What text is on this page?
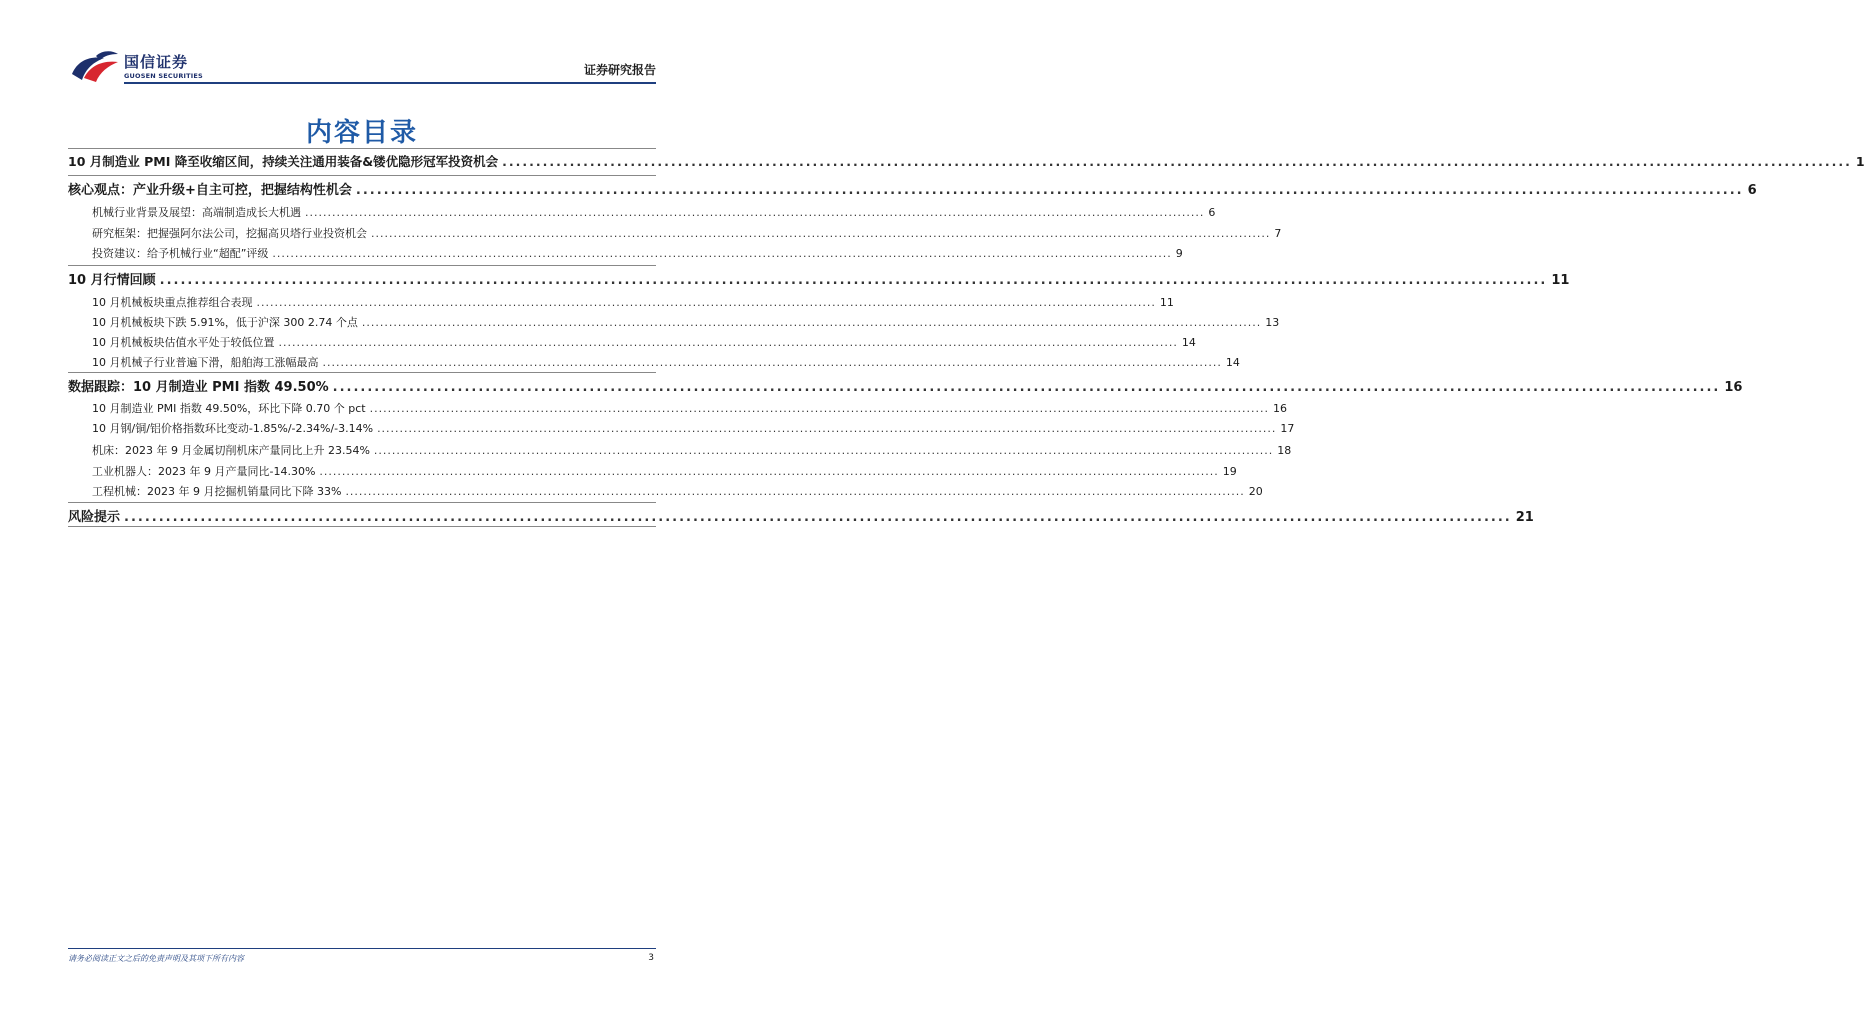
国信证券
GUOSEN SECURITIES	证券研究报告
内容目录
10 月制造业 PMI 降至收缩区间，持续关注通用装备&镂优隐形冠军投资机会 ........................................................................................................................................................................................................ 1
核心观点：产业升级+自主可控，把握结构性机会 ........................................................................................................................................................................................................ 6
机械行业背景及展望：高端制造成长大机遇 ........................................................................................................................................................................................................ 6
研究框架：把握强阿尔法公司，挖掘高贝塔行业投资机会 ........................................................................................................................................................................................................ 7
投资建议：给予机械行业“超配”评级 ........................................................................................................................................................................................................ 9
10 月行情回顾 ........................................................................................................................................................................................................ 11
10 月机械板块重点推荐组合表现 ........................................................................................................................................................................................................ 11
10 月机械板块下跌 5.91%，低于沪深 300 2.74 个点 ........................................................................................................................................................................................................ 13
10 月机械板块估值水平处于较低位置 ........................................................................................................................................................................................................ 14
10 月机械子行业普遍下滑，船舶海工涨幅最高 ........................................................................................................................................................................................................ 14
数据跟踪：10 月制造业 PMI 指数 49.50% ........................................................................................................................................................................................................ 16
10 月制造业 PMI 指数 49.50%，环比下降 0.70 个 pct ........................................................................................................................................................................................................ 16
10 月钢/铜/铝价格指数环比变动-1.85%/-2.34%/-3.14% ........................................................................................................................................................................................................ 17
机床：2023 年 9 月金属切削机床产量同比上升 23.54% ........................................................................................................................................................................................................ 18
工业机器人：2023 年 9 月产量同比-14.30% ........................................................................................................................................................................................................ 19
工程机械：2023 年 9 月挖掘机销量同比下降 33% ........................................................................................................................................................................................................ 20
风险提示 ........................................................................................................................................................................................................ 21
请务必阅读正文之后的免责声明及其项下所有内容	3
